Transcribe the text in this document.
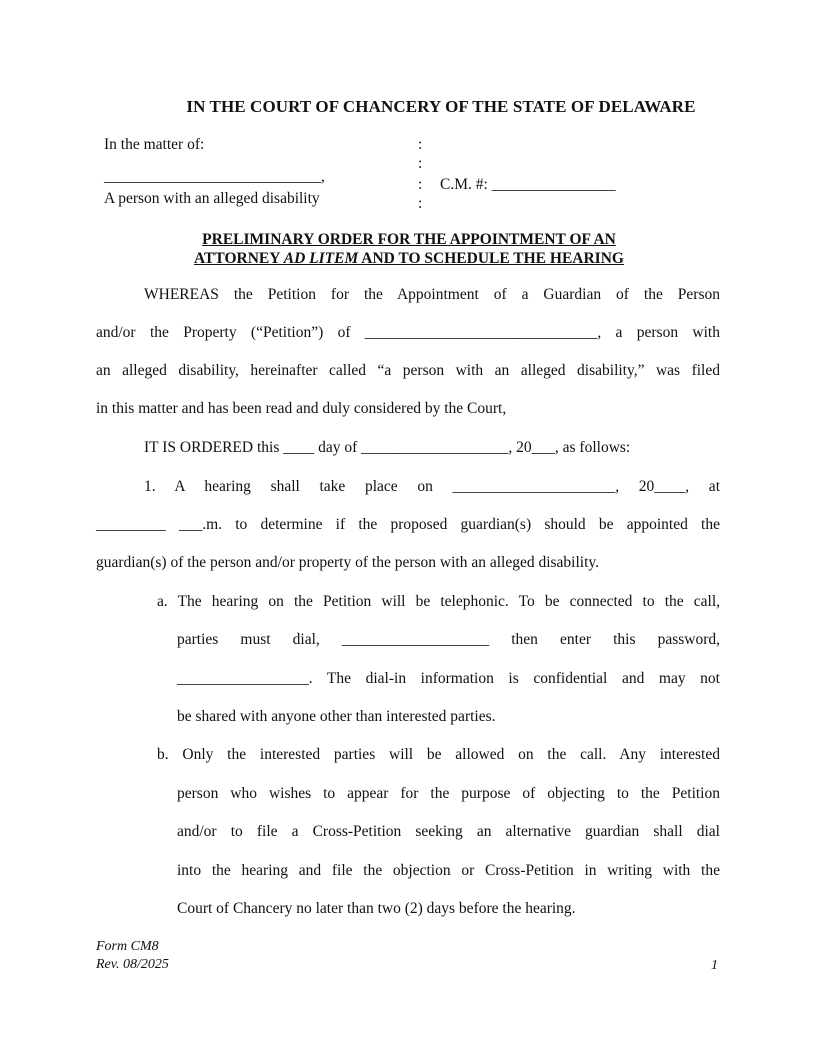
IN THE COURT OF CHANCERY OF THE STATE OF DELAWARE
In the matter of:
____________________________,
A person with an alleged disability
:
:
:
:
C.M. #: ________________
PRELIMINARY ORDER FOR THE APPOINTMENT OF AN
ATTORNEY AD LITEM AND TO SCHEDULE THE HEARING
WHEREAS the Petition for the Appointment of a Guardian of the Person
and/or the Property (“Petition”) of ______________________________, a person with
an alleged disability, hereinafter called “a person with an alleged disability,” was filed
in this matter and has been read and duly considered by the Court,
IT IS ORDERED this ____ day of ___________________, 20___, as follows:
1. A hearing shall take place on _____________________, 20____, at
_________ ___.m. to determine if the proposed guardian(s) should be appointed the
guardian(s) of the person and/or property of the person with an alleged disability.
a. The hearing on the Petition will be telephonic. To be connected to the call,
parties must dial, ___________________ then enter this password,
_________________. The dial-in information is confidential and may not
be shared with anyone other than interested parties.
b. Only the interested parties will be allowed on the call. Any interested
person who wishes to appear for the purpose of objecting to the Petition
and/or to file a Cross-Petition seeking an alternative guardian shall dial
into the hearing and file the objection or Cross-Petition in writing with the
Court of Chancery no later than two (2) days before the hearing.
Form CM8
Rev. 08/2025	1
